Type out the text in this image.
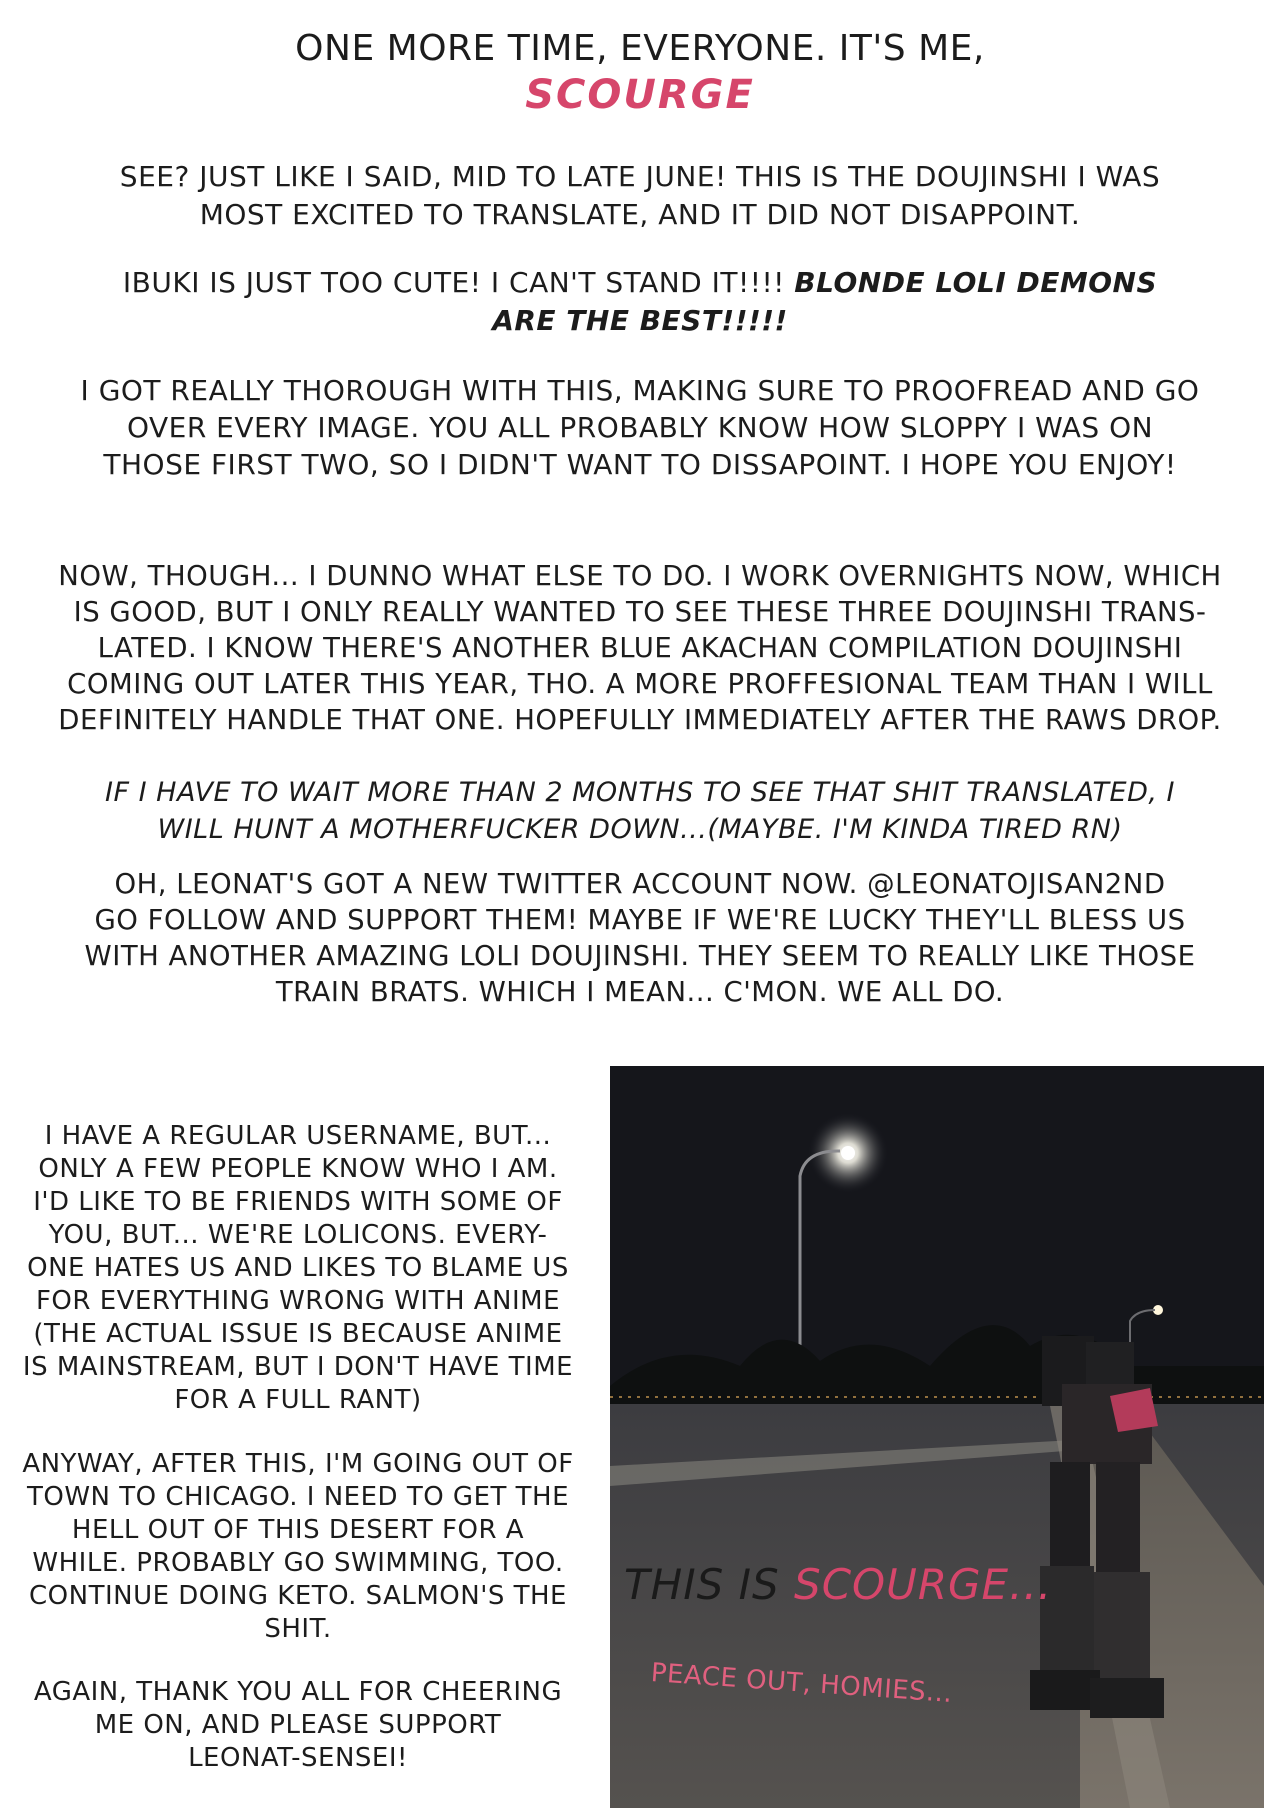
ONE MORE TIME, EVERYONE. IT'S ME,
SCOURGE
SEE? JUST LIKE I SAID, MID TO LATE JUNE! THIS IS THE DOUJINSHI I WAS
MOST EXCITED TO TRANSLATE, AND IT DID NOT DISAPPOINT.
IBUKI IS JUST TOO CUTE! I CAN'T STAND IT!!!! BLONDE LOLI DEMONS
ARE THE BEST!!!!!
I GOT REALLY THOROUGH WITH THIS, MAKING SURE TO PROOFREAD AND GO
OVER EVERY IMAGE. YOU ALL PROBABLY KNOW HOW SLOPPY I WAS ON
THOSE FIRST TWO, SO I DIDN'T WANT TO DISSAPOINT. I HOPE YOU ENJOY!
NOW, THOUGH... I DUNNO WHAT ELSE TO DO. I WORK OVERNIGHTS NOW, WHICH
IS GOOD, BUT I ONLY REALLY WANTED TO SEE THESE THREE DOUJINSHI TRANS-
LATED. I KNOW THERE'S ANOTHER BLUE AKACHAN COMPILATION DOUJINSHI
COMING OUT LATER THIS YEAR, THO. A MORE PROFFESIONAL TEAM THAN I WILL
DEFINITELY HANDLE THAT ONE. HOPEFULLY IMMEDIATELY AFTER THE RAWS DROP.
IF I HAVE TO WAIT MORE THAN 2 MONTHS TO SEE THAT SHIT TRANSLATED, I
WILL HUNT A MOTHERFUCKER DOWN...(MAYBE. I'M KINDA TIRED RN)
OH, LEONAT'S GOT A NEW TWITTER ACCOUNT NOW. @LEONATOJISAN2ND
GO FOLLOW AND SUPPORT THEM! MAYBE IF WE'RE LUCKY THEY'LL BLESS US
WITH ANOTHER AMAZING LOLI DOUJINSHI. THEY SEEM TO REALLY LIKE THOSE
TRAIN BRATS. WHICH I MEAN... C'MON. WE ALL DO.
I HAVE A REGULAR USERNAME, BUT...
ONLY A FEW PEOPLE KNOW WHO I AM.
I'D LIKE TO BE FRIENDS WITH SOME OF
YOU, BUT... WE'RE LOLICONS. EVERY-
ONE HATES US AND LIKES TO BLAME US
FOR EVERYTHING WRONG WITH ANIME
(THE ACTUAL ISSUE IS BECAUSE ANIME
IS MAINSTREAM, BUT I DON'T HAVE TIME
FOR A FULL RANT)
ANYWAY, AFTER THIS, I'M GOING OUT OF
TOWN TO CHICAGO. I NEED TO GET THE
HELL OUT OF THIS DESERT FOR A
WHILE. PROBABLY GO SWIMMING, TOO.
CONTINUE DOING KETO. SALMON'S THE
SHIT.
AGAIN, THANK YOU ALL FOR CHEERING
ME ON, AND PLEASE SUPPORT
LEONAT-SENSEI!
THIS IS SCOURGE...
PEACE OUT, HOMIES...
